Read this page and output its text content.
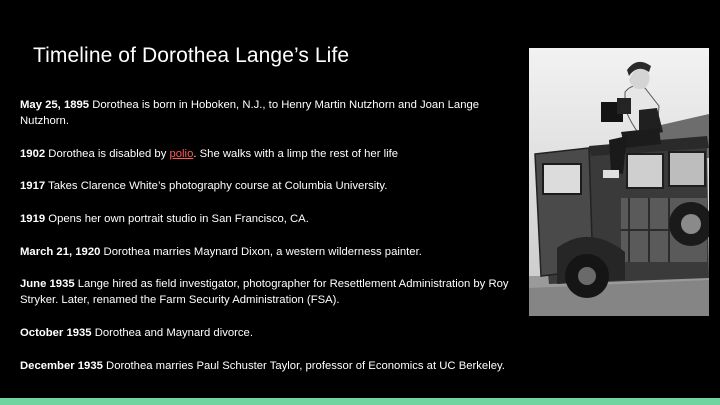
Timeline of Dorothea Lange’s Life
May 25, 1895 Dorothea is born in Hoboken, N.J., to Henry Martin Nutzhorn and Joan Lange Nutzhorn.
1902 Dorothea is disabled by polio. She walks with a limp the rest of her life
1917 Takes Clarence White’s photography course at Columbia University.
1919 Opens her own portrait studio in San Francisco, CA.
March 21, 1920 Dorothea marries Maynard Dixon, a western wilderness painter.
June 1935 Lange hired as field investigator, photographer for Resettlement Administration by Roy Stryker. Later, renamed the Farm Security Administration (FSA).
October 1935 Dorothea and Maynard divorce.
December 1935 Dorothea marries Paul Schuster Taylor, professor of Economics at UC Berkeley.
